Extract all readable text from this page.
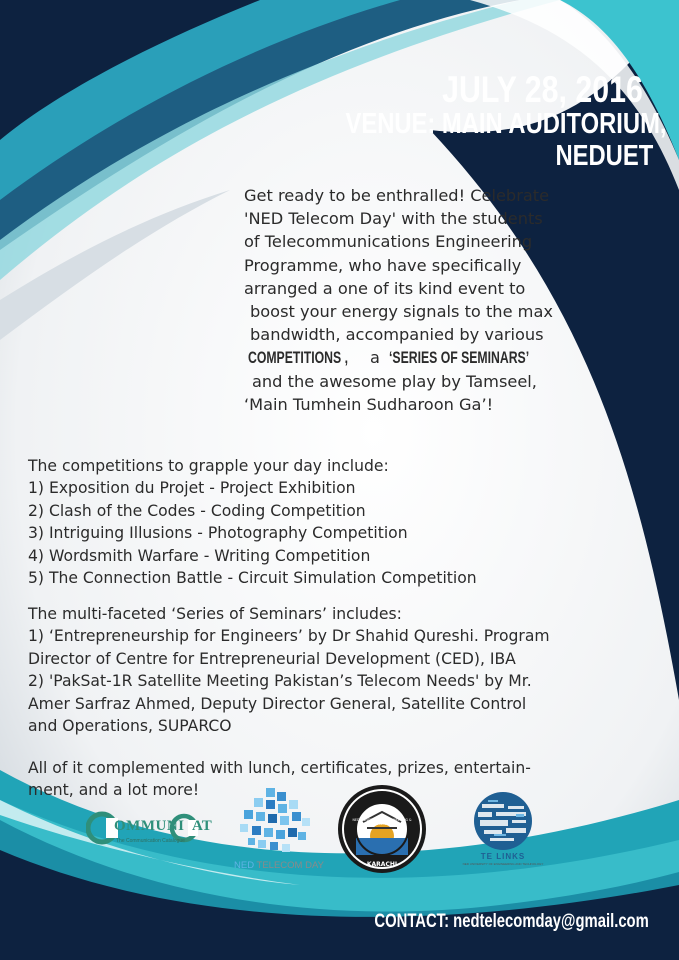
JULY 28, 2016
VENUE: MAIN AUDITORIUM,
NEDUET

Get ready to be enthralled! Celebrate

'NED Telecom Day' with the students

of Telecommunications Engineering

Programme, who have specifically

arranged a one of its kind event to

boost your energy signals to the max

bandwidth, accompanied by various

COMPETITIONS , a ‘SERIES OF SEMINARS’

and the awesome play by Tamseel,

‘Main Tumhein Sudharoon Ga’!

The competitions to grapple your day include:

1) Exposition du Projet - Project Exhibition

2) Clash of the Codes - Coding Competition

3) Intriguing Illusions - Photography Competition

4) Wordsmith Warfare - Writing Competition

5) The Connection Battle - Circuit Simulation Competition

The multi-faceted ‘Series of Seminars’ includes:

1) ‘Entrepreneurship for Engineers’ by Dr Shahid Qureshi. Program

Director of Centre for Entrepreneurial Development (CED), IBA

2) 'PakSat-1R Satellite Meeting Pakistan’s Telecom Needs' by Mr.

Amer Sarfraz Ahmed, Deputy Director General, Satellite Control

and Operations, SUPARCO

All of it complemented with lunch, certificates, prizes, entertain-

ment, and a lot more!

OMMUNI AT
The Communication Catalogue
NED TELECOM DAY
NED UNIVERSITY OF ENGINEERING & TECHNOLOGY
KARACHI
TE LINKS
NED UNIVERSITY OF ENGINEERING AND TECHNOLOGY
CONTACT: nedtelecomday@gmail.com
